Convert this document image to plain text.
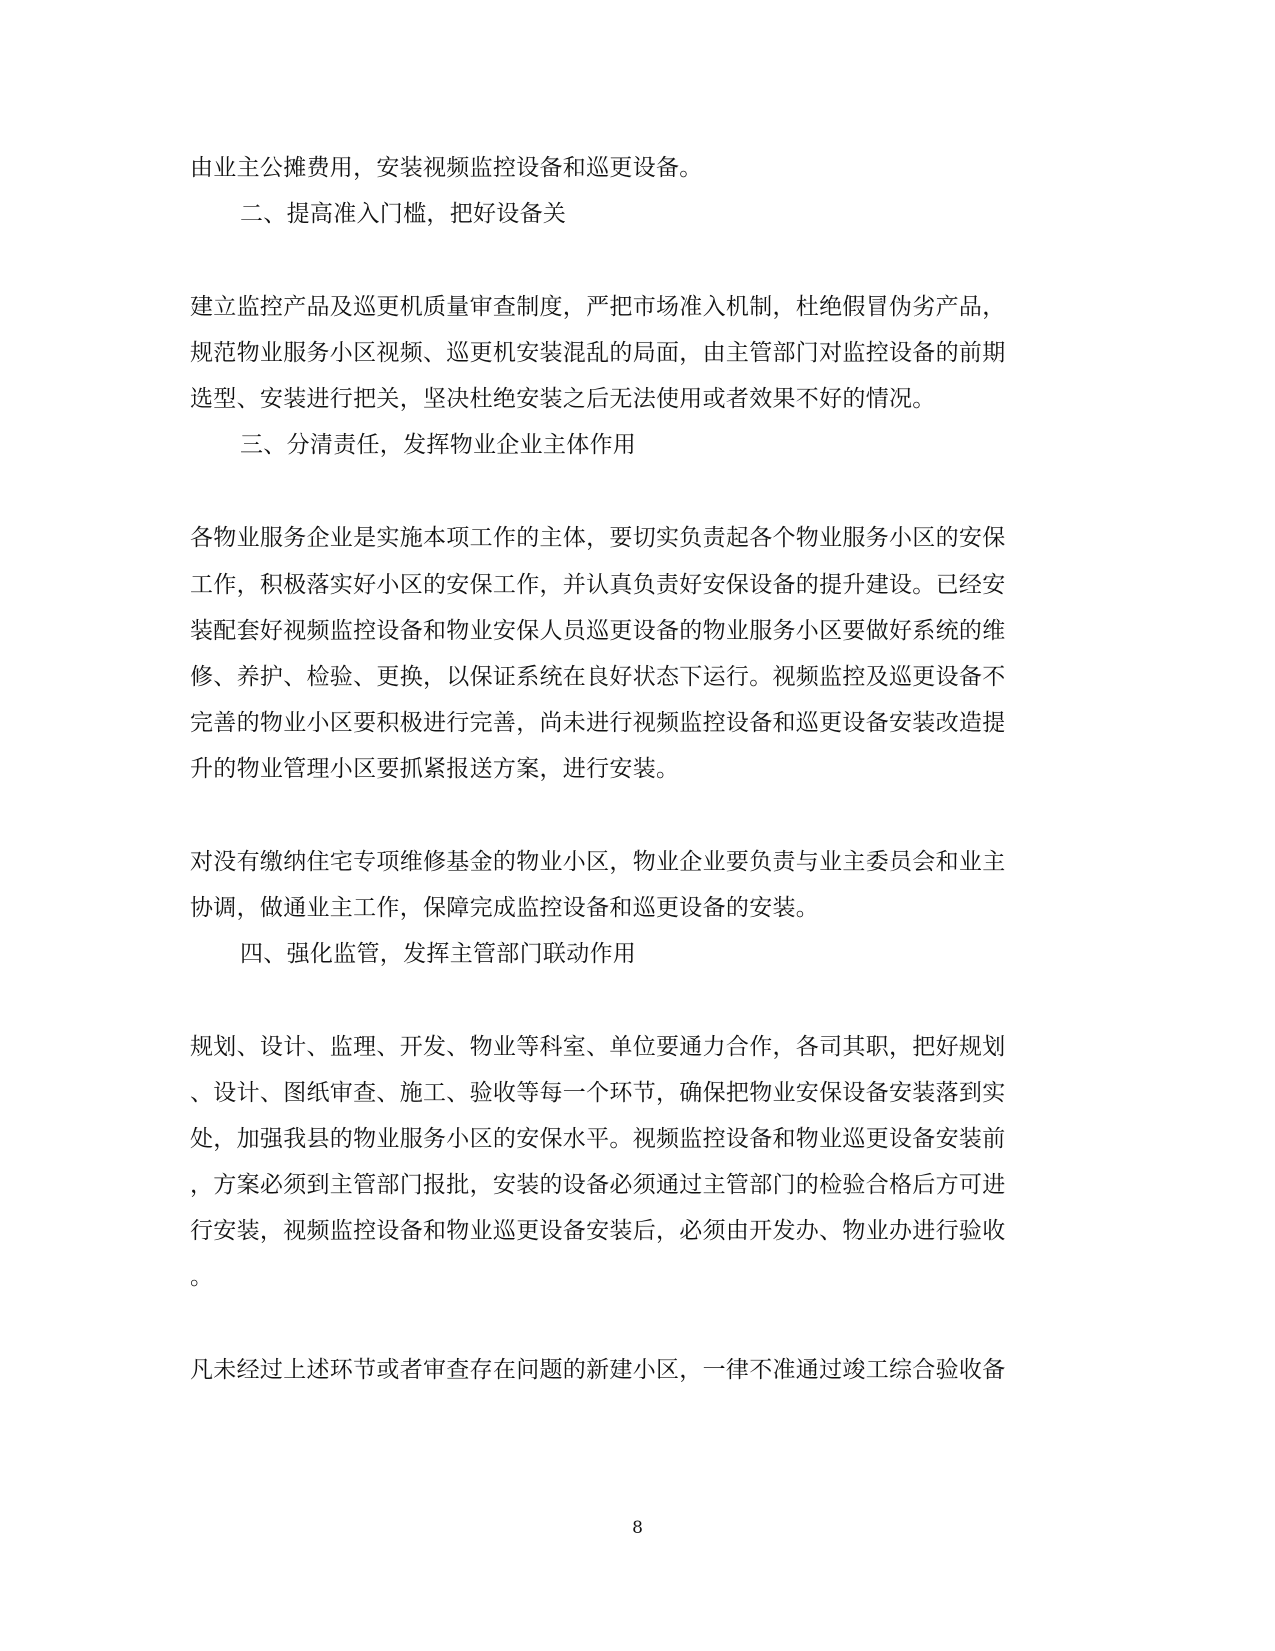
由业主公摊费用，安装视频监控设备和巡更设备。
二、提高准入门槛，把好设备关
建立监控产品及巡更机质量审查制度，严把市场准入机制，杜绝假冒伪劣产品，
规范物业服务小区视频、巡更机安装混乱的局面，由主管部门对监控设备的前期
选型、安装进行把关，坚决杜绝安装之后无法使用或者效果不好的情况。
三、分清责任，发挥物业企业主体作用
各物业服务企业是实施本项工作的主体，要切实负责起各个物业服务小区的安保
工作，积极落实好小区的安保工作，并认真负责好安保设备的提升建设。已经安
装配套好视频监控设备和物业安保人员巡更设备的物业服务小区要做好系统的维
修、养护、检验、更换，以保证系统在良好状态下运行。视频监控及巡更设备不
完善的物业小区要积极进行完善，尚未进行视频监控设备和巡更设备安装改造提
升的物业管理小区要抓紧报送方案，进行安装。
对没有缴纳住宅专项维修基金的物业小区，物业企业要负责与业主委员会和业主
协调，做通业主工作，保障完成监控设备和巡更设备的安装。
四、强化监管，发挥主管部门联动作用
规划、设计、监理、开发、物业等科室、单位要通力合作，各司其职，把好规划
、设计、图纸审查、施工、验收等每一个环节，确保把物业安保设备安装落到实
处，加强我县的物业服务小区的安保水平。视频监控设备和物业巡更设备安装前
，方案必须到主管部门报批，安装的设备必须通过主管部门的检验合格后方可进
行安装，视频监控设备和物业巡更设备安装后，必须由开发办、物业办进行验收
。
凡未经过上述环节或者审查存在问题的新建小区，一律不准通过竣工综合验收备
8
